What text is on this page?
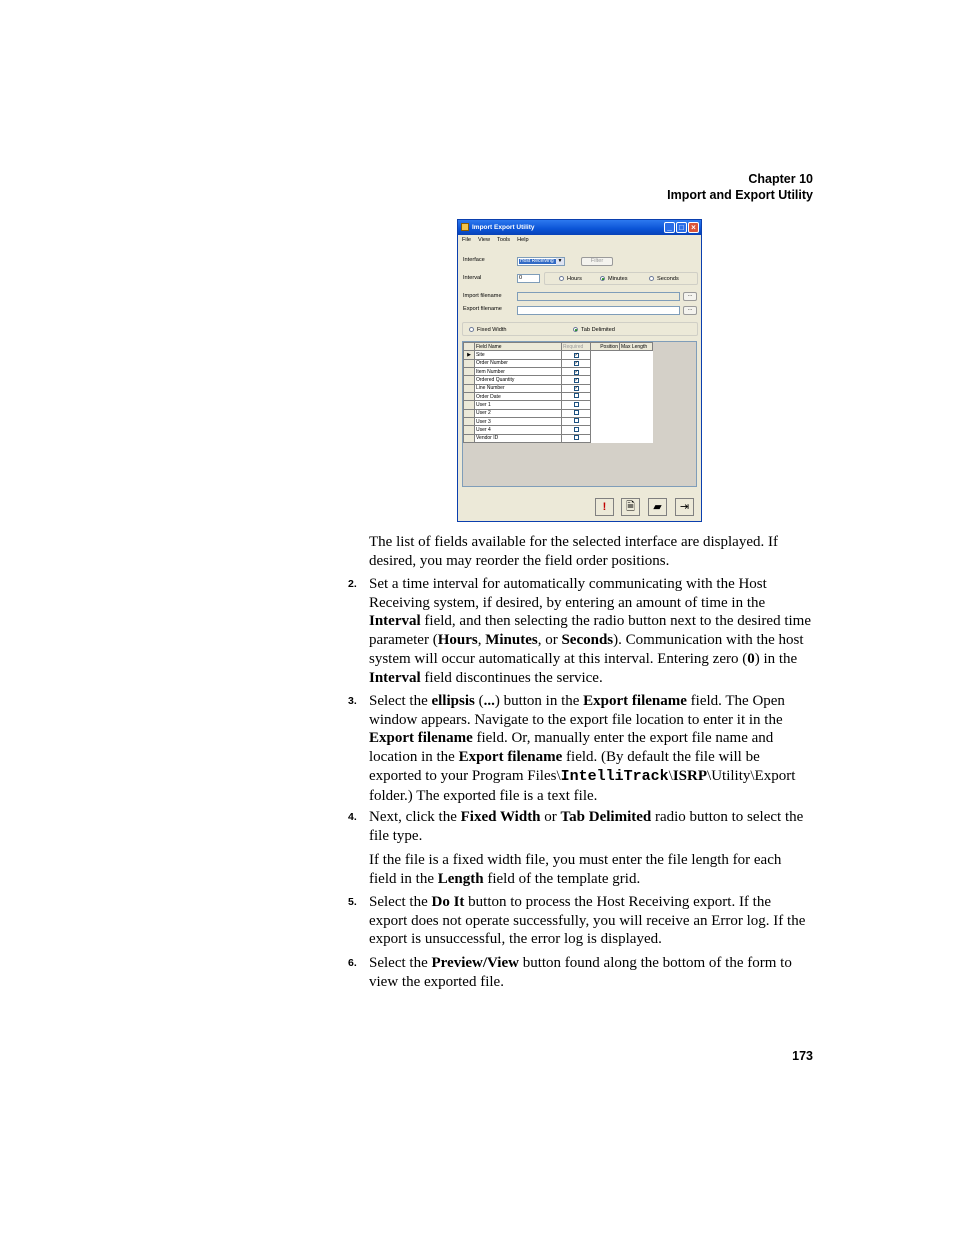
Chapter 10
Import and Export Utility
Import Export Utility	_ □ ×
File View Tools Help
Interface	Host Receiving ▼	Filter
Interval	0	Hours	Minutes	Seconds
Import filename	...
Export filename	...
Fixed Width	Tab Delimited
	Field Name	Required	Position	Max Length
▶	Site	✓	

	Order Number	✓	

	Item Number	✓	

	Ordered Quantity	✓	

	Line Number	✓	

	Order Date		

	User 1		

	User 2		

	User 3		

	User 4		

	Vendor ID		
!	🗎	▰	⇥
The list of fields available for the selected interface are displayed. If desired, you may reorder the field order positions.
2. Set a time interval for automatically communicating with the Host Receiving system, if desired, by entering an amount of time in the Interval field, and then selecting the radio button next to the desired time parameter (Hours, Minutes, or Seconds). Communication with the host system will occur automatically at this interval. Entering zero (0) in the Interval field discontinues the service.
3. Select the ellipsis (...) button in the Export filename field. The Open window appears. Navigate to the export file location to enter it in the Export filename field. Or, manually enter the export file name and location in the Export filename field. (By default the file will be exported to your Program Files\IntelliTrack\ISRP\Utility\Export folder.) The exported file is a text file.
4. Next, click the Fixed Width or Tab Delimited radio button to select the file type.
If the file is a fixed width file, you must enter the file length for each field in the Length field of the template grid.
5. Select the Do It button to process the Host Receiving export. If the export does not operate successfully, you will receive an Error log. If the export is unsuccessful, the error log is displayed.
6. Select the Preview/View button found along the bottom of the form to view the exported file.
173
